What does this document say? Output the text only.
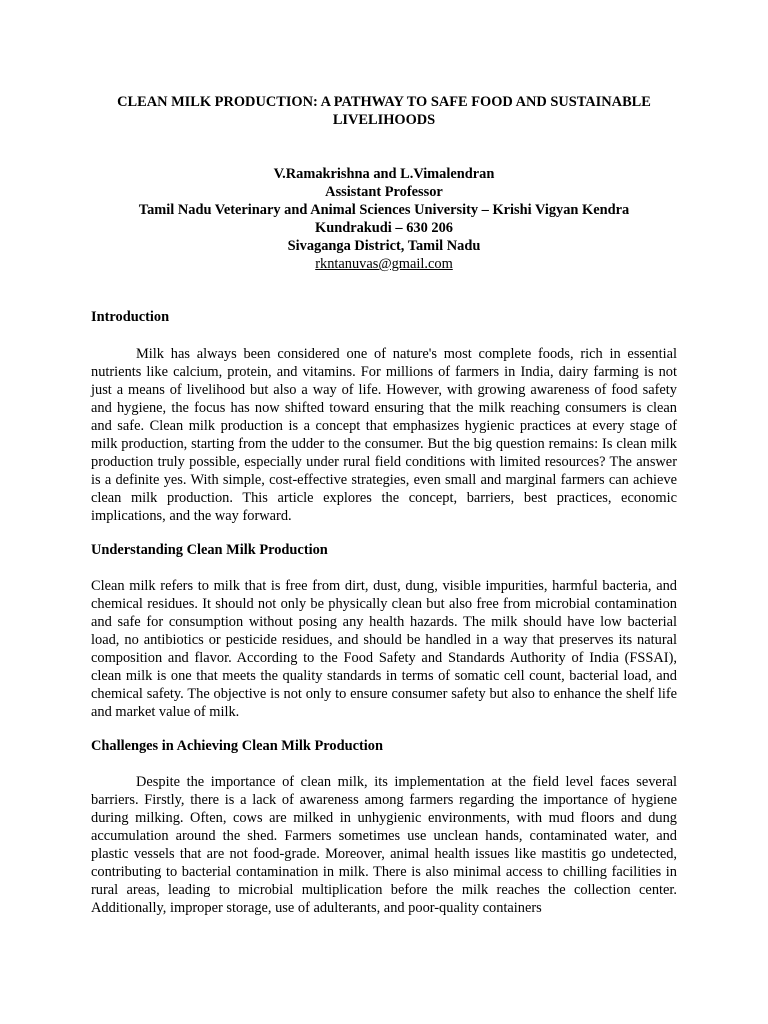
CLEAN MILK PRODUCTION: A PATHWAY TO SAFE FOOD AND SUSTAINABLE LIVELIHOODS
V.Ramakrishna and L.Vimalendran
Assistant Professor
Tamil Nadu Veterinary and Animal Sciences University – Krishi Vigyan Kendra
Kundrakudi – 630 206
Sivaganga District, Tamil Nadu
rkntanuvas@gmail.com
Introduction

Milk has always been considered one of nature's most complete foods, rich in essential nutrients like calcium, protein, and vitamins. For millions of farmers in India, dairy farming is not just a means of livelihood but also a way of life. However, with growing awareness of food safety and hygiene, the focus has now shifted toward ensuring that the milk reaching consumers is clean and safe. Clean milk production is a concept that emphasizes hygienic practices at every stage of milk production, starting from the udder to the consumer. But the big question remains: Is clean milk production truly possible, especially under rural field conditions with limited resources? The answer is a definite yes. With simple, cost-effective strategies, even small and marginal farmers can achieve clean milk production. This article explores the concept, barriers, best practices, economic implications, and the way forward.

Understanding Clean Milk Production

Clean milk refers to milk that is free from dirt, dust, dung, visible impurities, harmful bacteria, and chemical residues. It should not only be physically clean but also free from microbial contamination and safe for consumption without posing any health hazards. The milk should have low bacterial load, no antibiotics or pesticide residues, and should be handled in a way that preserves its natural composition and flavor. According to the Food Safety and Standards Authority of India (FSSAI), clean milk is one that meets the quality standards in terms of somatic cell count, bacterial load, and chemical safety. The objective is not only to ensure consumer safety but also to enhance the shelf life and market value of milk.

Challenges in Achieving Clean Milk Production

Despite the importance of clean milk, its implementation at the field level faces several barriers. Firstly, there is a lack of awareness among farmers regarding the importance of hygiene during milking. Often, cows are milked in unhygienic environments, with mud floors and dung accumulation around the shed. Farmers sometimes use unclean hands, contaminated water, and plastic vessels that are not food-grade. Moreover, animal health issues like mastitis go undetected, contributing to bacterial contamination in milk. There is also minimal access to chilling facilities in rural areas, leading to microbial multiplication before the milk reaches the collection center. Additionally, improper storage, use of adulterants, and poor-quality containers
